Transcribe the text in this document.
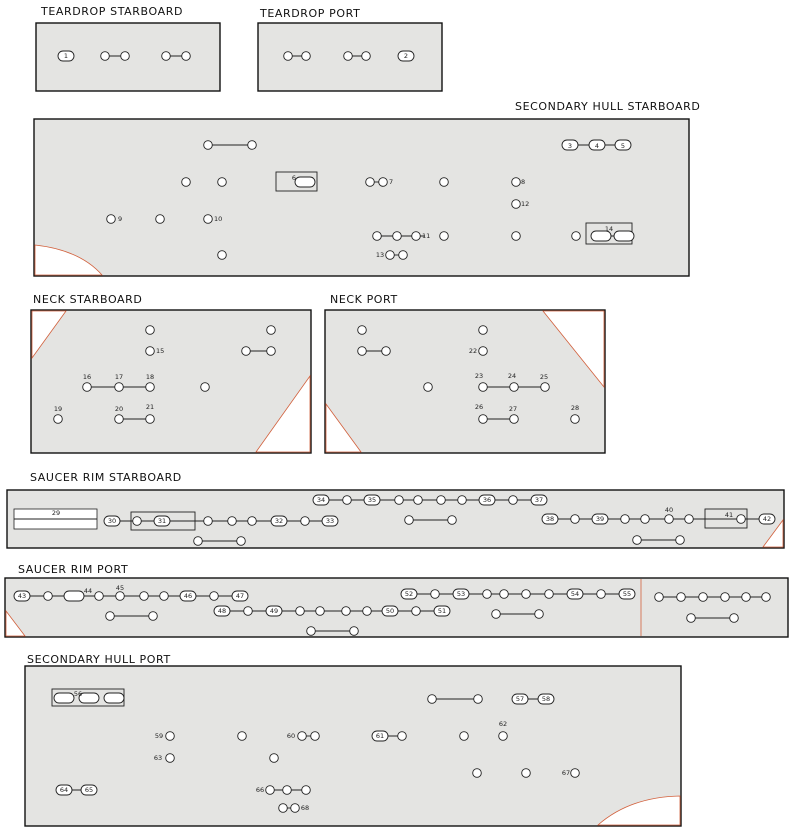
TEARDROP STARBOARD	TEARDROP PORT
SECONDARY HULL STARBOARD
NECK STARBOARD	NECK PORT
SAUCER RIM STARBOARD
SAUCER RIM PORT
SECONDARY HULL PORT
1	2
3	4	5
6	7	8
9	10
11
12
13
14
15
16	17	18
19	20	21
22
23	24	25
26	27	28
29
30	31	32	33
34	35	36	37
38	39
40
41	42
43
44	45
46	47
48	49	50	51
52	53	54	55
56
57	58
59	60	61
62
63
64	65	66
67
68
